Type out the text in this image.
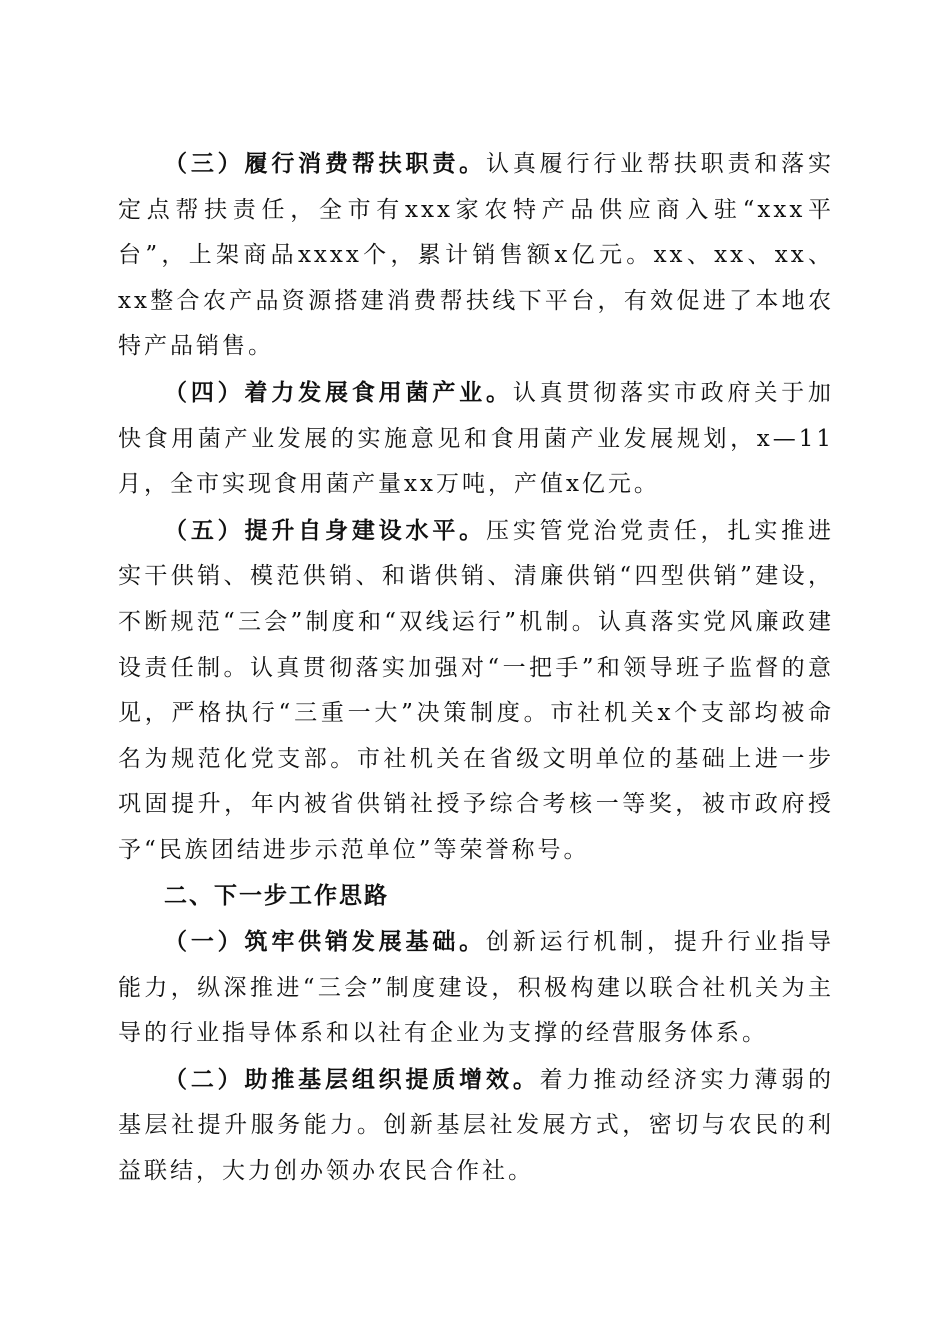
（三）履行消费帮扶职责。认真履行行业帮扶职责和落实定点帮扶责任，全市有xxx家农特产品供应商入驻“xxx平台”，上架商品xxxx个，累计销售额x亿元。xx、xx、xx、xx整合农产品资源搭建消费帮扶线下平台，有效促进了本地农特产品销售。

（四）着力发展食用菌产业。认真贯彻落实市政府关于加快食用菌产业发展的实施意见和食用菌产业发展规划，x—11月，全市实现食用菌产量xx万吨，产值x亿元。

（五）提升自身建设水平。压实管党治党责任，扎实推进实干供销、模范供销、和谐供销、清廉供销“四型供销”建设，不断规范“三会”制度和“双线运行”机制。认真落实党风廉政建设责任制。认真贯彻落实加强对“一把手”和领导班子监督的意见，严格执行“三重一大”决策制度。市社机关x个支部均被命名为规范化党支部。市社机关在省级文明单位的基础上进一步巩固提升，年内被省供销社授予综合考核一等奖，被市政府授予“民族团结进步示范单位”等荣誉称号。

二、下一步工作思路

（一）筑牢供销发展基础。创新运行机制，提升行业指导能力，纵深推进“三会”制度建设，积极构建以联合社机关为主导的行业指导体系和以社有企业为支撑的经营服务体系。

（二）助推基层组织提质增效。着力推动经济实力薄弱的基层社提升服务能力。创新基层社发展方式，密切与农民的利益联结，大力创办领办农民合作社。
